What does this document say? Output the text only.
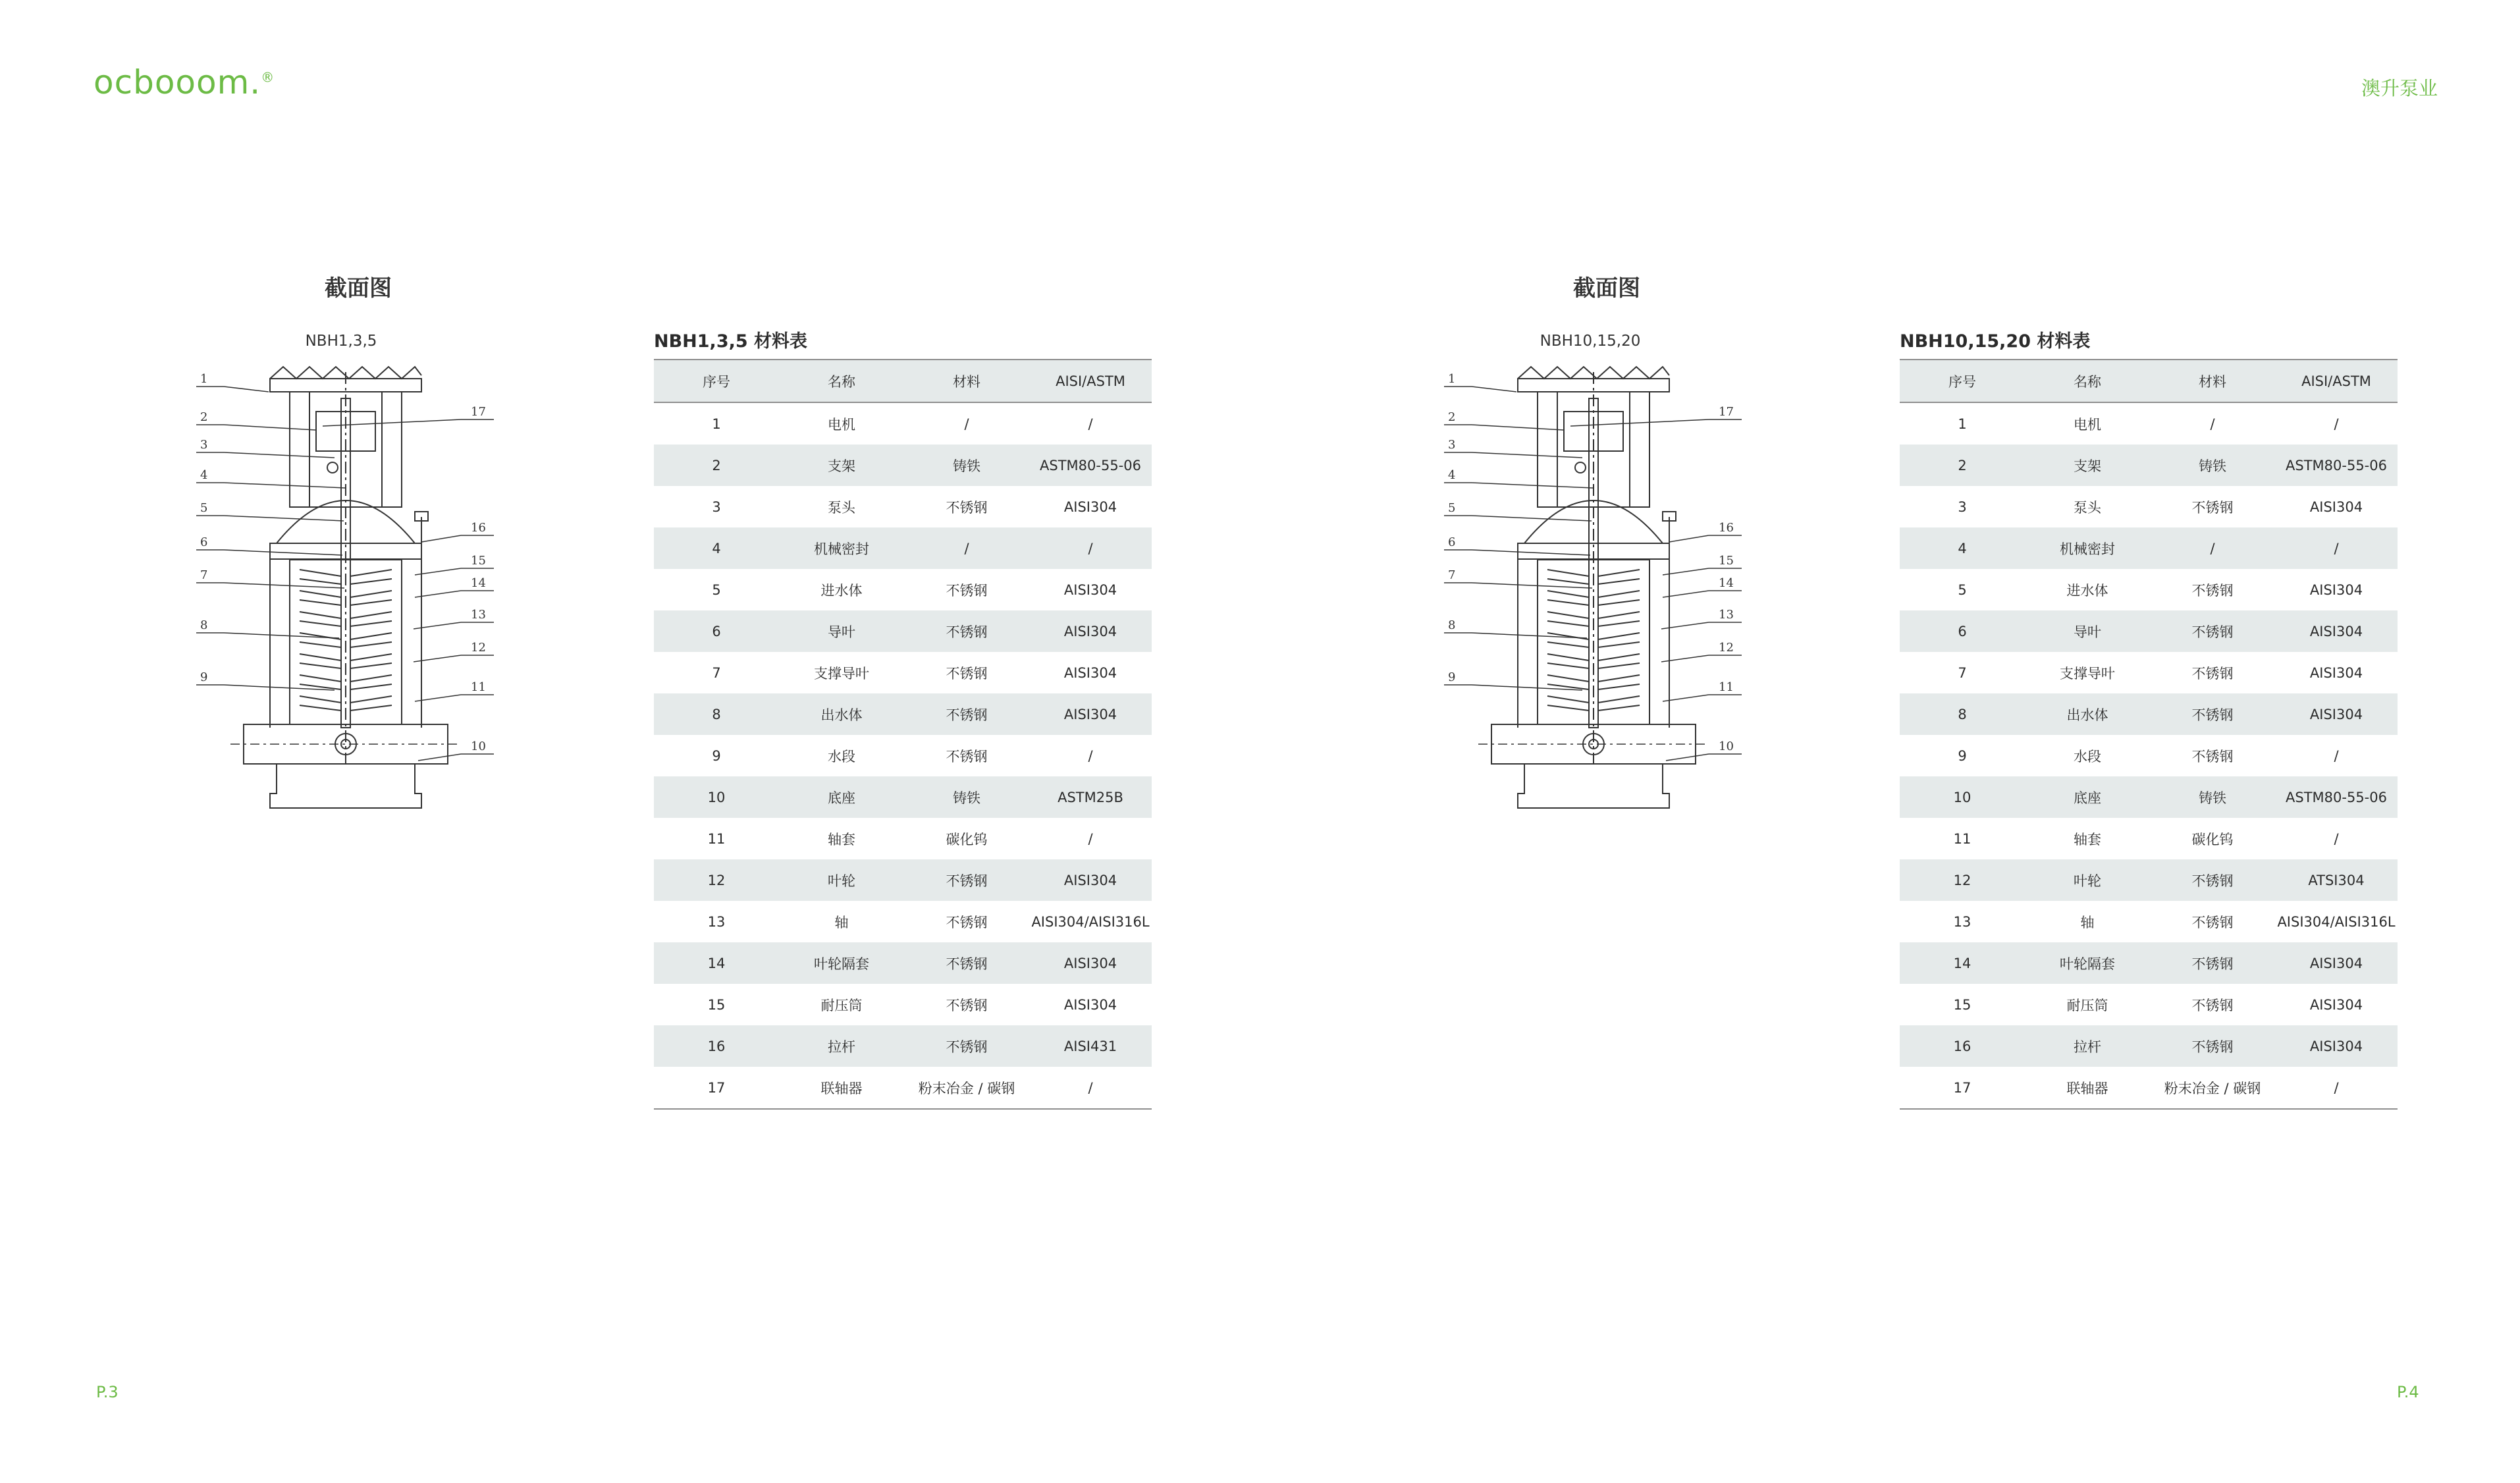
ocbooom.®	澳升泵业
截面图
NBH1,3,5
1
2
3
4
5
6
7
8
9
10
11
12
13
14
15
16
17
NBH1,3,5 材料表
序号	名称	材料	AISI/ASTM
1	电机	/	/
2	支架	铸铁	ASTM80-55-06
3	泵头	不锈钢	AISI304
4	机械密封	/	/
5	进水体	不锈钢	AISI304
6	导叶	不锈钢	AISI304
7	支撑导叶	不锈钢	AISI304
8	出水体	不锈钢	AISI304
9	水段	不锈钢	/
10	底座	铸铁	ASTM25B
11	轴套	碳化钨	/
12	叶轮	不锈钢	AISI304
13	轴	不锈钢	AISI304/AISI316L
14	叶轮隔套	不锈钢	AISI304
15	耐压筒	不锈钢	AISI304
16	拉杆	不锈钢	AISI431
17	联轴器	粉末冶金 / 碳钢	/
截面图
NBH10,15,20
1
2
3
4
5
6
7
8
9
10
11
12
13
14
15
16
17
NBH10,15,20 材料表
序号	名称	材料	AISI/ASTM
1	电机	/	/
2	支架	铸铁	ASTM80-55-06
3	泵头	不锈钢	AISI304
4	机械密封	/	/
5	进水体	不锈钢	AISI304
6	导叶	不锈钢	AISI304
7	支撑导叶	不锈钢	AISI304
8	出水体	不锈钢	AISI304
9	水段	不锈钢	/
10	底座	铸铁	ASTM80-55-06
11	轴套	碳化钨	/
12	叶轮	不锈钢	ATSI304
13	轴	不锈钢	AISI304/AISI316L
14	叶轮隔套	不锈钢	AISI304
15	耐压筒	不锈钢	AISI304
16	拉杆	不锈钢	AISI304
17	联轴器	粉末冶金 / 碳钢	/
P.3	P.4
